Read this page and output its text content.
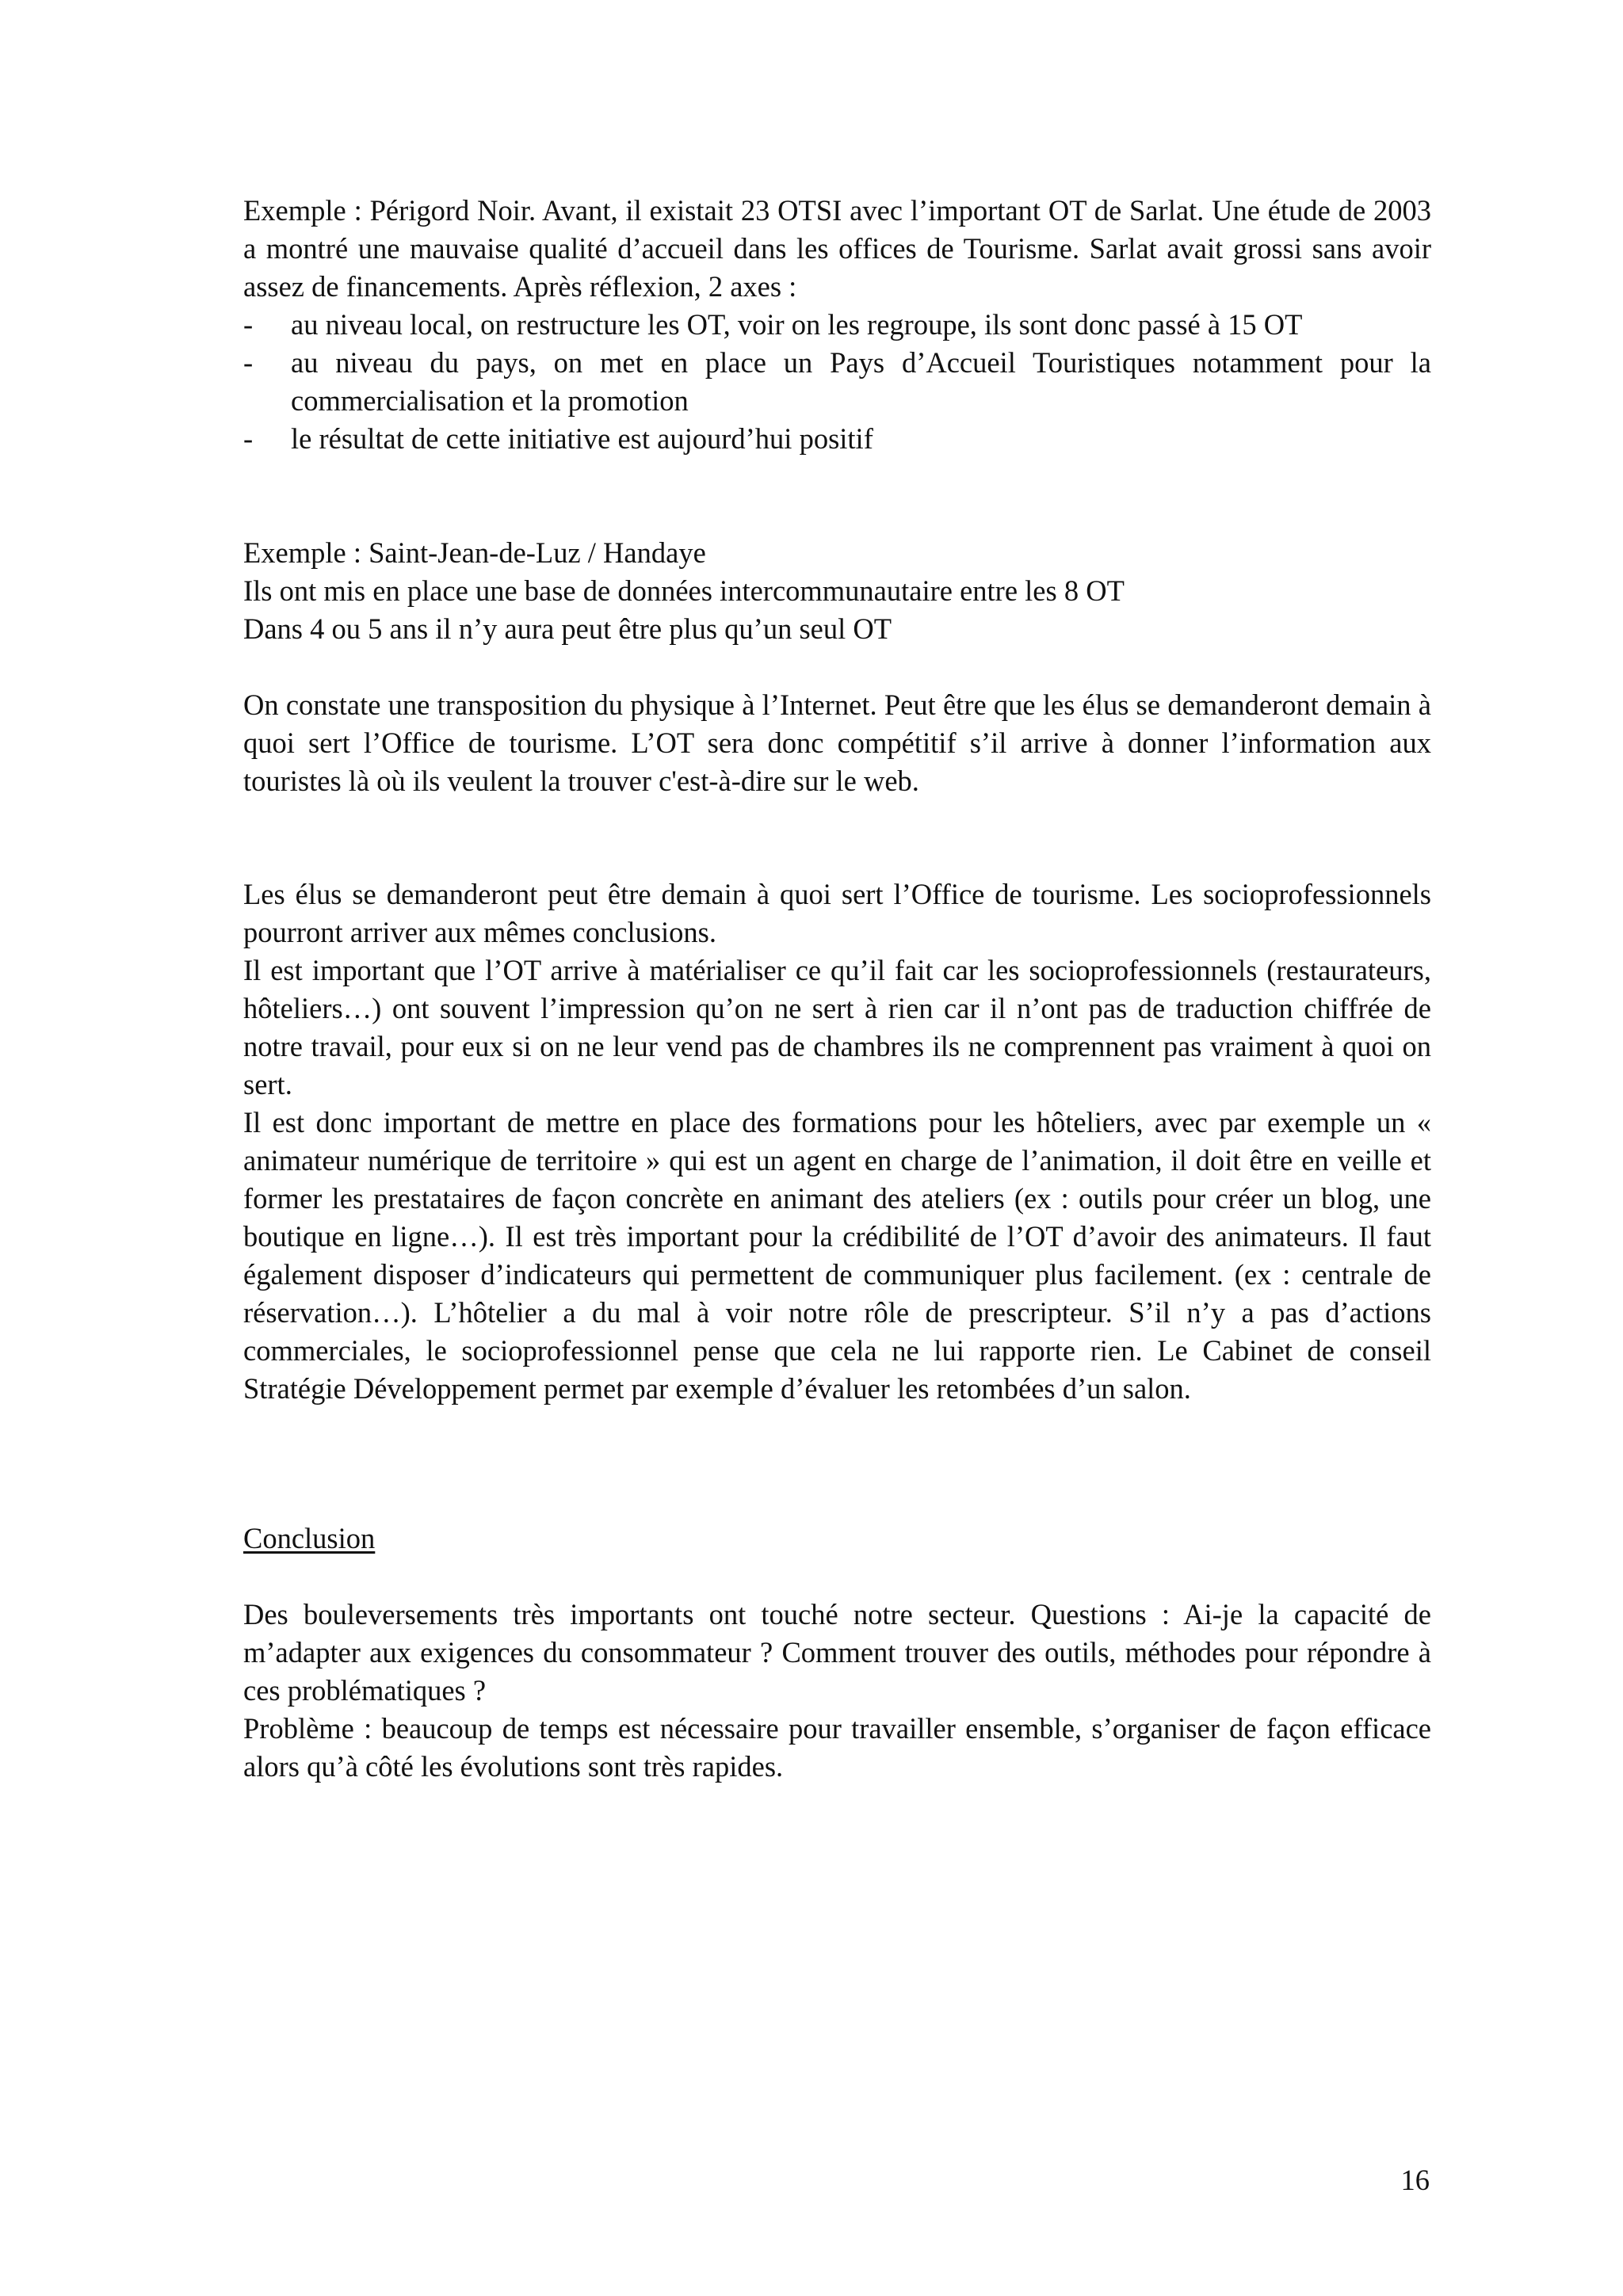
Exemple : Périgord Noir. Avant, il existait 23 OTSI avec l’important OT de Sarlat. Une étude de 2003 a montré une mauvaise qualité d’accueil dans les offices de Tourisme. Sarlat avait grossi sans avoir assez de financements. Après réflexion, 2 axes :

- au niveau local, on restructure les OT, voir on les regroupe, ils sont donc passé à 15 OT
- au niveau du pays, on met en place un Pays d’Accueil Touristiques notamment pour la commercialisation et la promotion
- le résultat de cette initiative est aujourd’hui positif

Exemple : Saint-Jean-de-Luz / Handaye

Ils ont mis en place une base de données intercommunautaire entre les 8 OT

Dans 4 ou 5 ans il n’y aura peut être plus qu’un seul OT

On constate une transposition du physique à l’Internet. Peut être que les élus se demanderont demain à quoi sert l’Office de tourisme. L’OT sera donc compétitif s’il arrive à donner l’information aux touristes là où ils veulent la trouver c'est-à-dire sur le web.

Les élus se demanderont peut être demain à quoi sert l’Office de tourisme. Les socioprofessionnels pourront arriver aux mêmes conclusions.

Il est important que l’OT arrive à matérialiser ce qu’il fait car les socioprofessionnels (restaurateurs, hôteliers…) ont souvent l’impression qu’on ne sert à rien car il n’ont pas de traduction chiffrée de notre travail, pour eux si on ne leur vend pas de chambres ils ne comprennent pas vraiment à quoi on sert.

Il est donc important de mettre en place des formations pour les hôteliers, avec par exemple un « animateur numérique de territoire » qui est un agent en charge de l’animation, il doit être en veille et former les prestataires de façon concrète en animant des ateliers (ex : outils pour créer un blog, une boutique en ligne…). Il est très important pour la crédibilité de l’OT d’avoir des animateurs. Il faut également disposer d’indicateurs qui permettent de communiquer plus facilement. (ex : centrale de réservation…). L’hôtelier a du mal à voir notre rôle de prescripteur. S’il n’y a pas d’actions commerciales, le socioprofessionnel pense que cela ne lui rapporte rien. Le Cabinet de conseil Stratégie Développement permet par exemple d’évaluer les retombées d’un salon.

Conclusion

Des bouleversements très importants ont touché notre secteur. Questions : Ai-je la capacité de m’adapter aux exigences du consommateur ? Comment trouver des outils, méthodes pour répondre à ces problématiques ?

Problème : beaucoup de temps est nécessaire pour travailler ensemble, s’organiser de façon efficace alors qu’à côté les évolutions sont très rapides.

16
